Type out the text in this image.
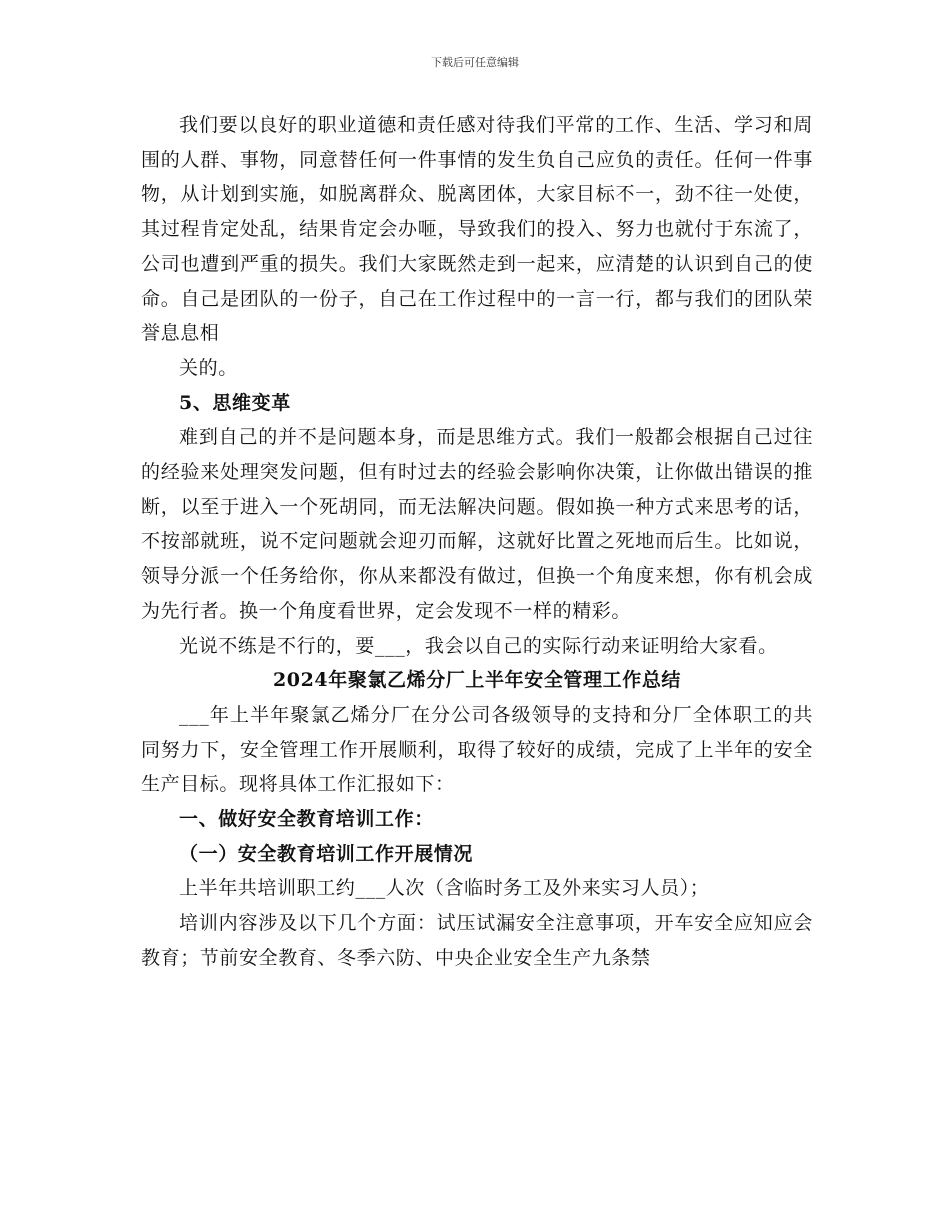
下载后可任意编辑

我们要以良好的职业道德和责任感对待我们平常的工作、生活、学习和周围的人群、事物，同意替任何一件事情的发生负自己应负的责任。任何一件事物，从计划到实施，如脱离群众、脱离团体，大家目标不一，劲不往一处使，其过程肯定处乱，结果肯定会办咂，导致我们的投入、努力也就付于东流了，公司也遭到严重的损失。我们大家既然走到一起来，应清楚的认识到自己的使命。自己是团队的一份子，自己在工作过程中的一言一行，都与我们的团队荣誉息息相

关的。

5、思维变革

难到自己的并不是问题本身，而是思维方式。我们一般都会根据自己过往的经验来处理突发问题，但有时过去的经验会影响你决策，让你做出错误的推断，以至于进入一个死胡同，而无法解决问题。假如换一种方式来思考的话，不按部就班，说不定问题就会迎刃而解，这就好比置之死地而后生。比如说，领导分派一个任务给你，你从来都没有做过，但换一个角度来想，你有机会成为先行者。换一个角度看世界，定会发现不一样的精彩。

光说不练是不行的，要___，我会以自己的实际行动来证明给大家看。

2024年聚氯乙烯分厂上半年安全管理工作总结

___年上半年聚氯乙烯分厂在分公司各级领导的支持和分厂全体职工的共同努力下，安全管理工作开展顺利，取得了较好的成绩，完成了上半年的安全生产目标。现将具体工作汇报如下：

一、做好安全教育培训工作：

（一）安全教育培训工作开展情况

上半年共培训职工约___人次（含临时务工及外来实习人员）；

培训内容涉及以下几个方面：试压试漏安全注意事项，开车安全应知应会教育；节前安全教育、冬季六防、中央企业安全生产九条禁
